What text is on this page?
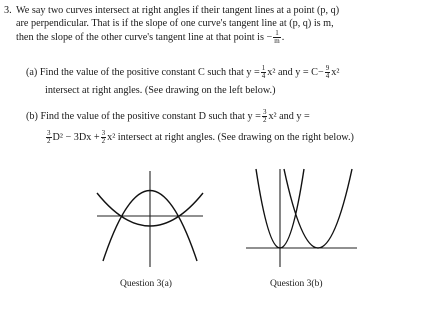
3. We say two curves intersect at right angles if their tangent lines at a point (p, q)
are perpendicular. That is if the slope of one curve's tangent line at (p, q) is m,
then the slope of the other curve's tangent line at that point is − $\frac{1}{m}$ .
(a) Find the value of the positive constant C such that $y = \frac{1}{4} x^2$ and $y = C- \frac{9}{4} x^2$
intersect at right angles. (See drawing on the left below.)
(b) Find the value of the positive constant D such that $y = \frac{3}{2} x^2$ and y =
$\frac{3}{2} D^2 - 3Dx + \frac{3}{2} x^2$ intersect at right angles. (See drawing on the right below.)
Question 3(a)	Question 3(b)
